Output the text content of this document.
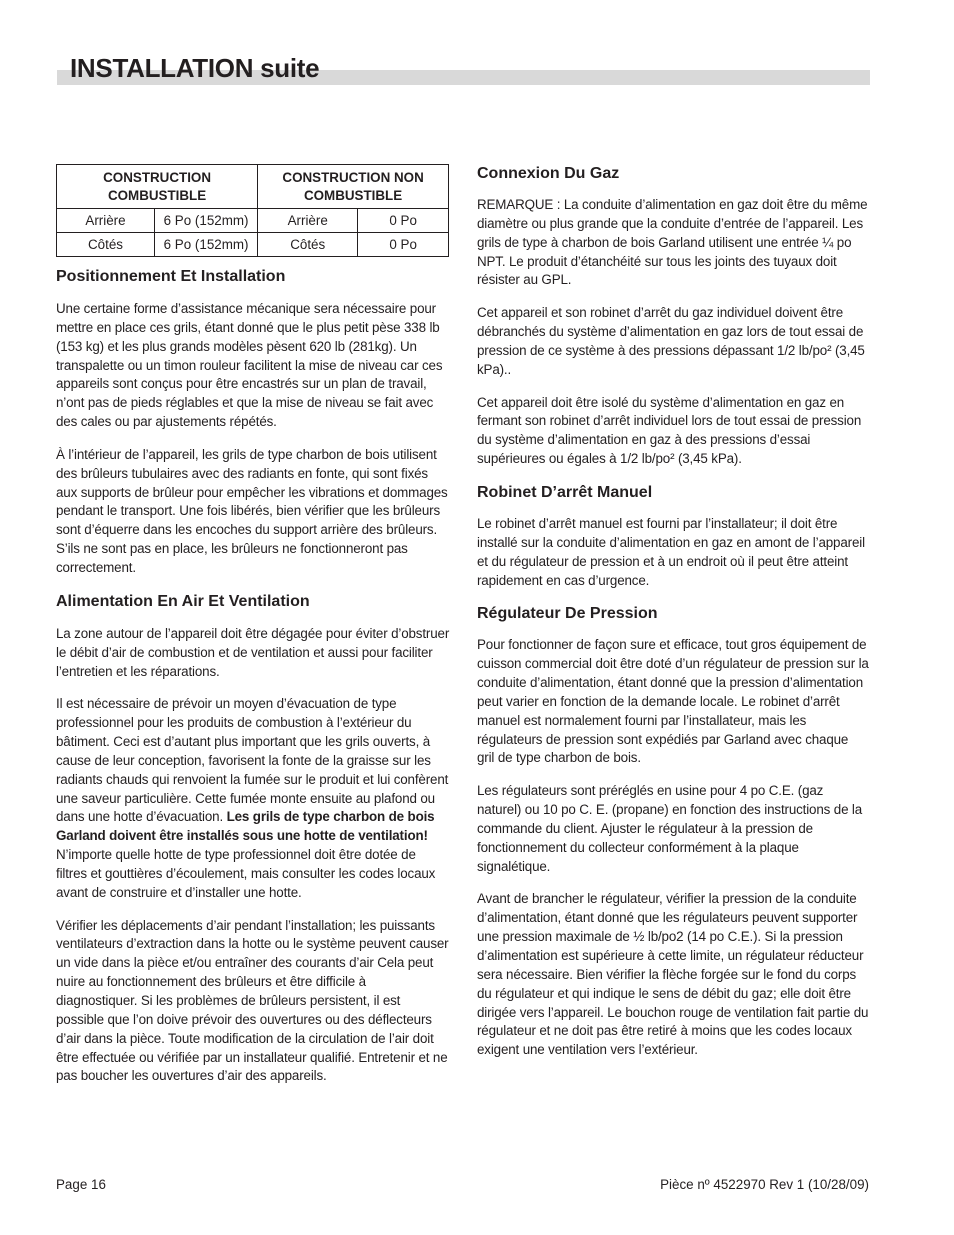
INSTALLATION suite
CONSTRUCTION COMBUSTIBLE		CONSTRUCTION NON COMBUSTIBLE	
Arrière	6 Po (152mm)	Arrière	0 Po
Côtés	6 Po (152mm)	Côtés	0 Po
Positionnement Et Installation

Une certaine forme d’assistance mécanique sera nécessaire pour mettre en place ces grils, étant donné que le plus petit pèse 338 lb (153 kg) et les plus grands modèles pèsent 620 lb (281kg). Un transpalette ou un timon rouleur facilitent la mise de niveau car ces appareils sont conçus pour être encastrés sur un plan de travail, n’ont pas de pieds réglables et que la mise de niveau se fait avec des cales ou par ajustements répétés.

À l’intérieur de l’appareil, les grils de type charbon de bois utilisent des brûleurs tubulaires avec des radiants en fonte, qui sont fixés aux supports de brûleur pour empêcher les vibrations et dommages pendant le transport. Une fois libérés, bien vérifier que les brûleurs sont d’équerre dans les encoches du support arrière des brûleurs. S’ils ne sont pas en place, les brûleurs ne fonctionneront pas correctement.

Alimentation En Air Et Ventilation

La zone autour de l’appareil doit être dégagée pour éviter d’obstruer le débit d’air de combustion et de ventilation et aussi pour faciliter l’entretien et les réparations.

Il est nécessaire de prévoir un moyen d’évacuation de type professionnel pour les produits de combustion à l’extérieur du bâtiment. Ceci est d’autant plus important que les grils ouverts, à cause de leur conception, favorisent la fonte de la graisse sur les radiants chauds qui renvoient la fumée sur le produit et lui confèrent une saveur particulière. Cette fumée monte ensuite au plafond ou dans une hotte d’évacuation. Les grils de type charbon de bois Garland doivent être installés sous une hotte de ventilation! N’importe quelle hotte de type professionnel doit être dotée de filtres et gouttières d’écoulement, mais consulter les codes locaux avant de construire et d’installer une hotte.

Vérifier les déplacements d’air pendant l’installation; les puissants ventilateurs d’extraction dans la hotte ou le système peuvent causer un vide dans la pièce et/ou entraîner des courants d’air Cela peut nuire au fonctionnement des brûleurs et être difficile à diagnostiquer. Si les problèmes de brûleurs persistent, il est possible que l’on doive prévoir des ouvertures ou des déflecteurs d’air dans la pièce. Toute modification de la circulation de l’air doit être effectuée ou vérifiée par un installateur qualifié. Entretenir et ne pas boucher les ouvertures d’air des appareils.

Connexion Du Gaz

REMARQUE : La conduite d’alimentation en gaz doit être du même diamètre ou plus grande que la conduite d’entrée de l’appareil. Les grils de type à charbon de bois Garland utilisent une entrée ¼ po NPT. Le produit d’étanchéité sur tous les joints des tuyaux doit résister au GPL.

Cet appareil et son robinet d’arrêt du gaz individuel doivent être débranchés du système d’alimentation en gaz lors de tout essai de pression de ce système à des pressions dépassant 1/2 lb/po² (3,45 kPa)..

Cet appareil doit être isolé du système d’alimentation en gaz en fermant son robinet d’arrêt individuel lors de tout essai de pression du système d’alimentation en gaz à des pressions d’essai supérieures ou égales à 1/2 lb/po² (3,45 kPa).

Robinet D’arrêt Manuel

Le robinet d’arrêt manuel est fourni par l’installateur; il doit être installé sur la conduite d’alimentation en gaz en amont de l’appareil et du régulateur de pression et à un endroit où il peut être atteint rapidement en cas d’urgence.

Régulateur De Pression

Pour fonctionner de façon sure et efficace, tout gros équipement de cuisson commercial doit être doté d’un régulateur de pression sur la conduite d’alimentation, étant donné que la pression d’alimentation peut varier en fonction de la demande locale. Le robinet d’arrêt manuel est normalement fourni par l’installateur, mais les régulateurs de pression sont expédiés par Garland avec chaque gril de type charbon de bois.

Les régulateurs sont préréglés en usine pour 4 po C.E. (gaz naturel) ou 10 po C. E. (propane) en fonction des instructions de la commande du client. Ajuster le régulateur à la pression de fonctionnement du collecteur conformément à la plaque signalétique.

Avant de brancher le régulateur, vérifier la pression de la conduite d’alimentation, étant donné que les régulateurs peuvent supporter une pression maximale de ½ lb/po2 (14 po C.E.). Si la pression d’alimentation est supérieure à cette limite, un régulateur réducteur sera nécessaire. Bien vérifier la flèche forgée sur le fond du corps du régulateur et qui indique le sens de débit du gaz; elle doit être dirigée vers l’appareil. Le bouchon rouge de ventilation fait partie du régulateur et ne doit pas être retiré à moins que les codes locaux exigent une ventilation vers l’extérieur.

Page 16	Pièce nº 4522970 Rev 1 (10/28/09)
